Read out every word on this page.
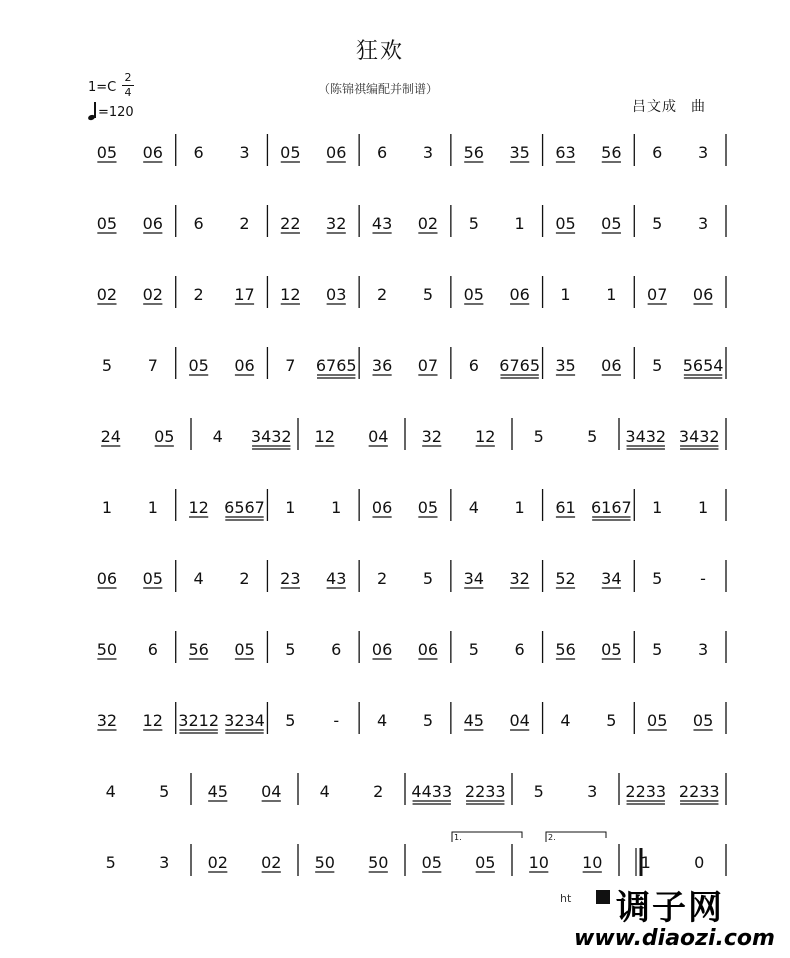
狂欢
（陈锦祺编配并制谱）
1=C
2
4
=120	吕文成 曲
05 06 6 3 05 06 6 3 56 35 63 56 6 3
05 06 6 2 22 32 43 02 5 1 05 05 5 3
02 02 2 17 12 03 2 5 05 06 1 1 07 06
5 7 05 06 7 6765 36 07 6 6765 35 06 5 5654
24 05 4 3432 12 04 32 12 5	5 3432 3432
1 1 12 6567 1 1 06 05 4 1 61 6167 1 1
06 05 4 2 23 43 2 5 34 32 52 34 5 -
50 6 56 05 5 6 06 06 5 6 56 05 5 3
32 12 3212 3234 5 - 4 5 45 04 4 5 05 05
4	5 45 04 4	2 4433 2233 5	3 2233 2233
5	3 02 02 50 50 05 05 10 10 1	0
1.	2.
ht 调子网
www.diaozi.com
